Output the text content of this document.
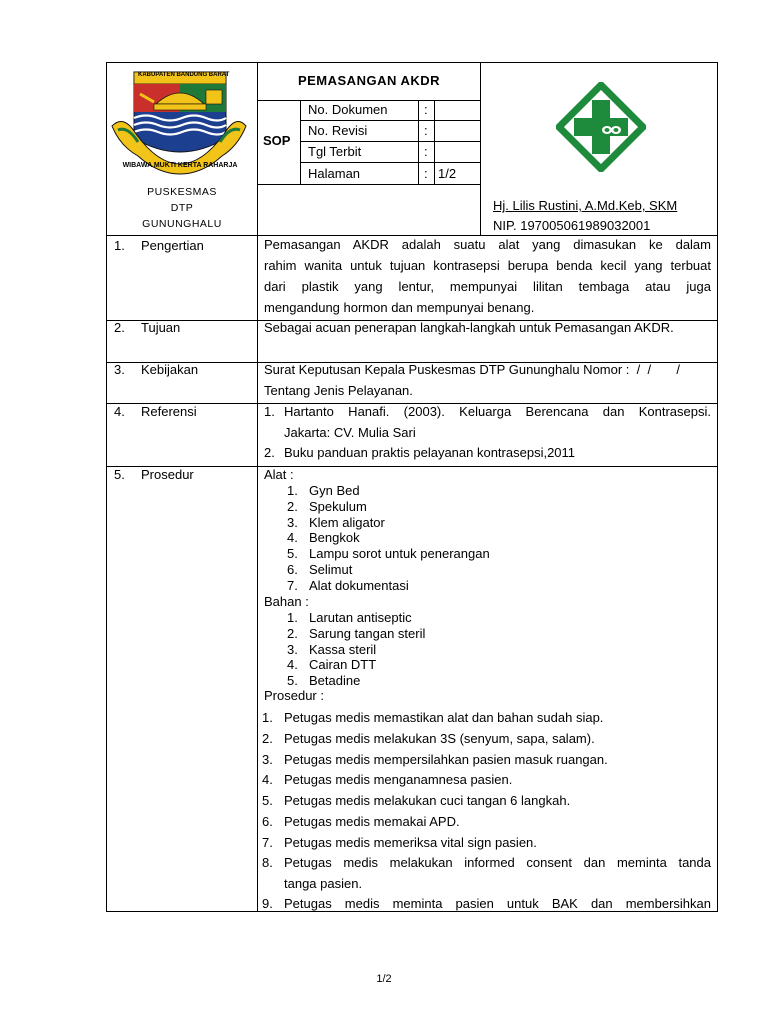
KABUPATEN BANDUNG BARAT
WIBAWA MUKTI KERTA RAHARJA
PEMASANGAN AKDR
SOP
No. Dokumen	:
No. Revisi	:
Tgl Terbit	:
Halaman	: 1/2
PUSKESMAS
DTP
GUNUNGHALU
Hj. Lilis Rustini, A.Md.Keb, SKM
NIP. 197005061989032001
1. Pengertian	Pemasangan AKDR adalah suatu alat yang dimasukan ke dalam
rahim wanita untuk tujuan kontrasepsi berupa benda kecil yang terbuat
dari plastik yang lentur, mempunyai lilitan tembaga atau juga
mengandung hormon dan mempunyai benang.
2. Tujuan	Sebagai acuan penerapan langkah-langkah untuk Pemasangan AKDR.
3. Kebijakan	Surat Keputusan Kepala Puskesmas DTP Gununghalu Nomor :  /  /       /
Tentang Jenis Pelayanan.
4. Referensi	1. Hartanto Hanafi. (2003). Keluarga Berencana dan Kontrasepsi.
Jakarta: CV. Mulia Sari
2. Buku panduan praktis pelayanan kontrasepsi,2011
5. Prosedur	Alat :
1. Gyn Bed
2. Spekulum
3. Klem aligator
4. Bengkok
5. Lampu sorot untuk penerangan
6. Selimut
7. Alat dokumentasi
Bahan :
1. Larutan antiseptic
2. Sarung tangan steril
3. Kassa steril
4. Cairan DTT
5. Betadine
Prosedur :
1. Petugas medis memastikan alat dan bahan sudah siap.
2. Petugas medis melakukan 3S (senyum, sapa, salam).
3. Petugas medis mempersilahkan pasien masuk ruangan.
4. Petugas medis menganamnesa pasien.
5. Petugas medis melakukan cuci tangan 6 langkah.
6. Petugas medis memakai APD.
7. Petugas medis memeriksa vital sign pasien.
8. Petugas medis melakukan informed consent dan meminta tanda
tanga pasien.
9. Petugas medis meminta pasien untuk BAK dan membersihkan
1/2
